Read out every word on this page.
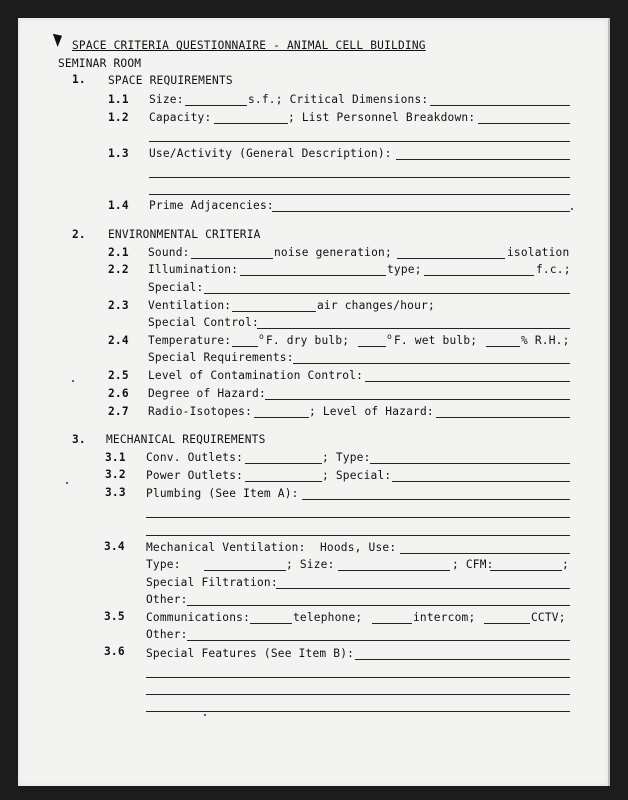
SPACE CRITERIA QUESTIONNAIRE - ANIMAL CELL BUILDING
SEMINAR ROOM
1. SPACE REQUIREMENTS
1.1 Size:	s.f.; Critical Dimensions:
1.2 Capacity:	; List Personnel Breakdown:
1.3 Use/Activity (General Description):
1.4 Prime Adjacencies:
2. ENVIRONMENTAL CRITERIA
2.1 Sound:	noise generation;	isolation
2.2 Illumination:	type;	f.c.;
Special:
2.3 Ventilation:	air changes/hour;
Special Control:
2.4 Temperature:	o F. dry bulb;	o F. wet bulb;	% R.H.;
Special Requirements:
2.5 Level of Contamination Control:
2.6 Degree of Hazard:
2.7 Radio-Isotopes:	; Level of Hazard:
3. MECHANICAL REQUIREMENTS
3.1 Conv. Outlets:	; Type:
3.2 Power Outlets:	; Special:
3.3 Plumbing (See Item A):
3.4 Mechanical Ventilation: Hoods, Use:
Type:	; Size:	; CFM:	;
Special Filtration:
Other:
3.5 Communications:	telephone;	intercom;	CCTV;
Other:
3.6 Special Features (See Item B):
